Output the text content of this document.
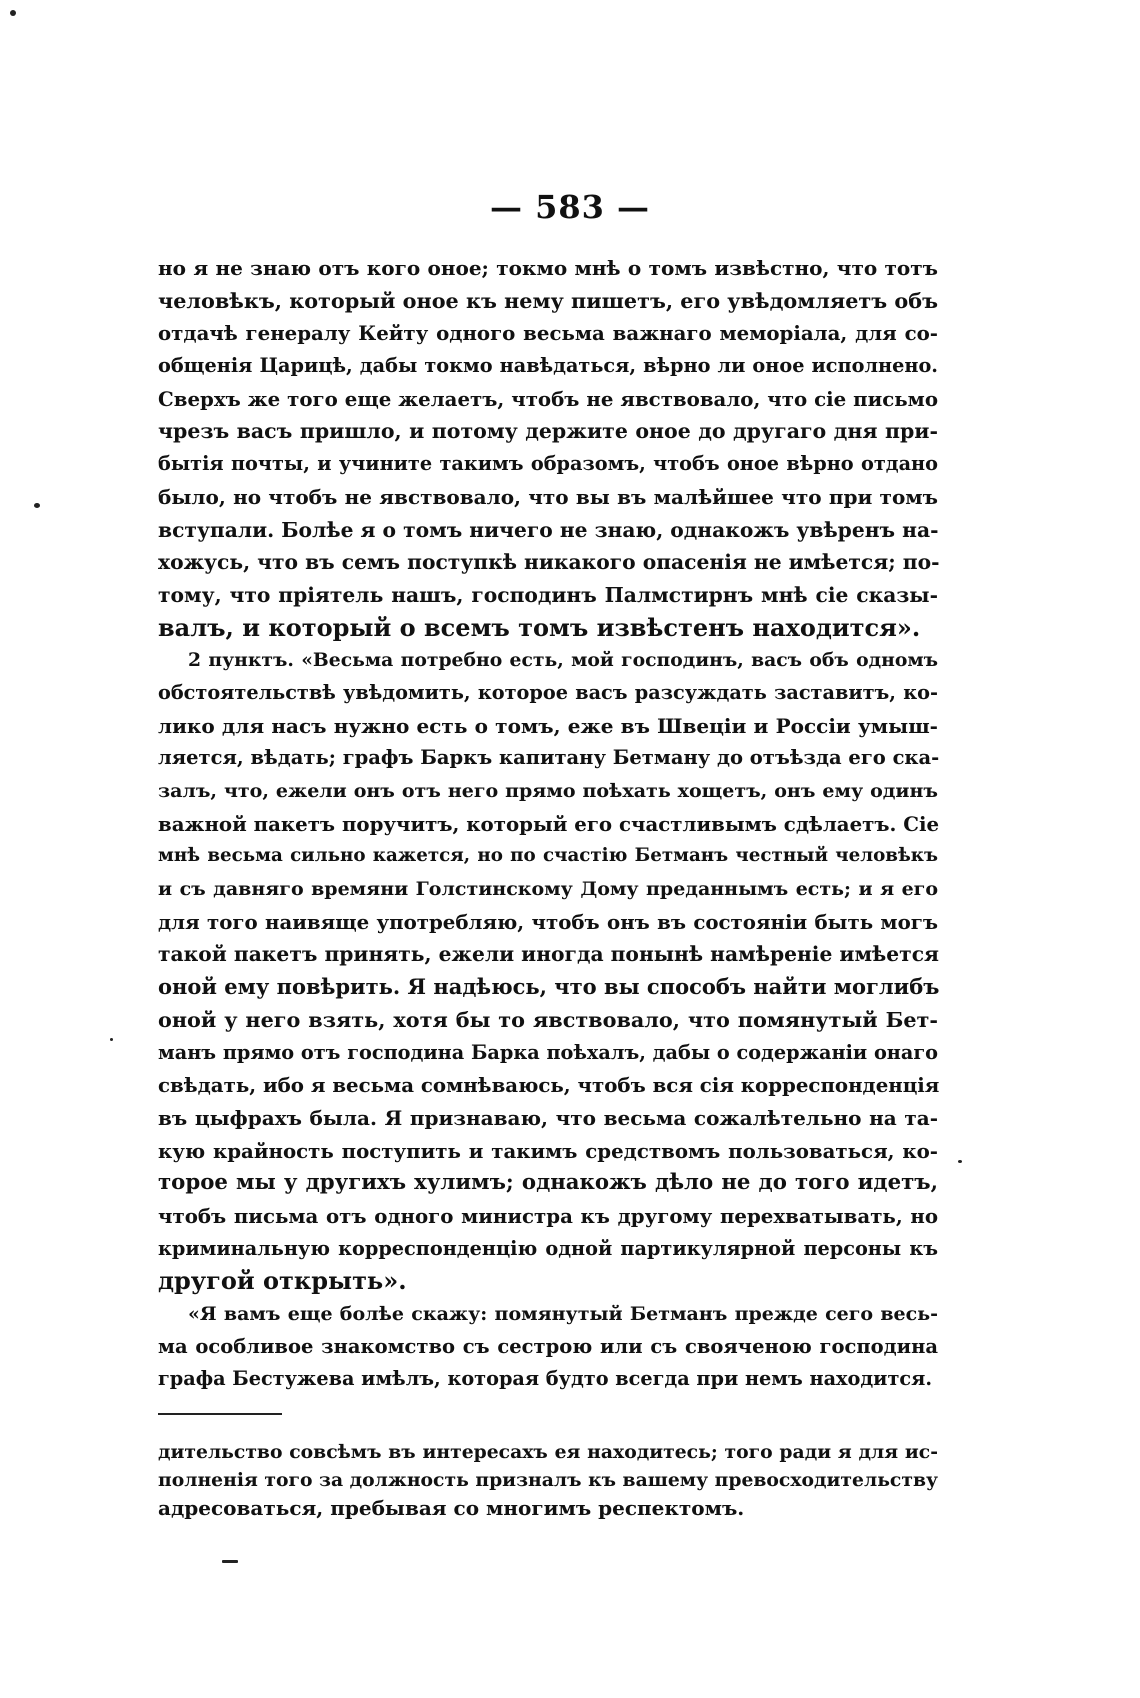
— 583 —
но я не знаю отъ кого оное; токмо мнѣ о томъ извѣстно, что тотъ
человѣкъ, который оное къ нему пишетъ, его увѣдомляетъ объ
отдачѣ генералу Кейту одного весьма важнаго меморіала, для со-
общенія Царицѣ, дабы токмо навѣдаться, вѣрно ли оное исполнено.
Сверхъ же того еще желаетъ, чтобъ не явствовало, что сіе письмо
чрезъ васъ пришло, и потому держите оное до другаго дня при-
бытія почты, и учините такимъ образомъ, чтобъ оное вѣрно отдано
было, но чтобъ не явствовало, что вы въ малѣйшее что при томъ
вступали. Болѣе я о томъ ничего не знаю, однакожъ увѣренъ на-
хожусь, что въ семъ поступкѣ никакого опасенія не имѣется; по-
тому, что пріятель нашъ, господинъ Палмстирнъ мнѣ сіе сказы-
валъ, и который о всемъ томъ извѣстенъ находится».
2 пунктъ. «Весьма потребно есть, мой господинъ, васъ объ одномъ
обстоятельствѣ увѣдомить, которое васъ разсуждать заставитъ, ко-
лико для насъ нужно есть о томъ, еже въ Швеціи и Россіи умыш-
ляется, вѣдать; графъ Баркъ капитану Бетману до отъѣзда его ска-
залъ, что, ежели онъ отъ него прямо поѣхать хощетъ, онъ ему одинъ
важной пакетъ поручитъ, который его счастливымъ сдѣлаетъ. Сіе
мнѣ весьма сильно кажется, но по счастію Бетманъ честный человѣкъ
и съ давняго времяни Голстинскому Дому преданнымъ есть; и я его
для того наивяще употребляю, чтобъ онъ въ состояніи быть могъ
такой пакетъ принять, ежели иногда понынѣ намѣреніе имѣется
оной ему повѣрить. Я надѣюсь, что вы способъ найти моглибъ
оной у него взять, хотя бы то явствовало, что помянутый Бет-
манъ прямо отъ господина Барка поѣхалъ, дабы о содержаніи онаго
свѣдать, ибо я весьма сомнѣваюсь, чтобъ вся сія корреспонденція
въ цыфрахъ была. Я признаваю, что весьма сожалѣтельно на та-
кую крайность поступить и такимъ средствомъ пользоваться, ко-
торое мы у другихъ хулимъ; однакожъ дѣло не до того идетъ,
чтобъ письма отъ одного министра къ другому перехватывать, но
криминальную корреспонденцію одной партикулярной персоны къ
другой открыть».
«Я вамъ еще болѣе скажу: помянутый Бетманъ прежде сего весь-
ма особливое знакомство съ сестрою или съ свояченою господина
графа Бестужева имѣлъ, которая будто всегда при немъ находится.
дительство совсѣмъ въ интересахъ ея находитесь; того ради я для ис-
полненія того за должность призналъ къ вашему превосходительству
адресоваться, пребывая со многимъ респектомъ.
